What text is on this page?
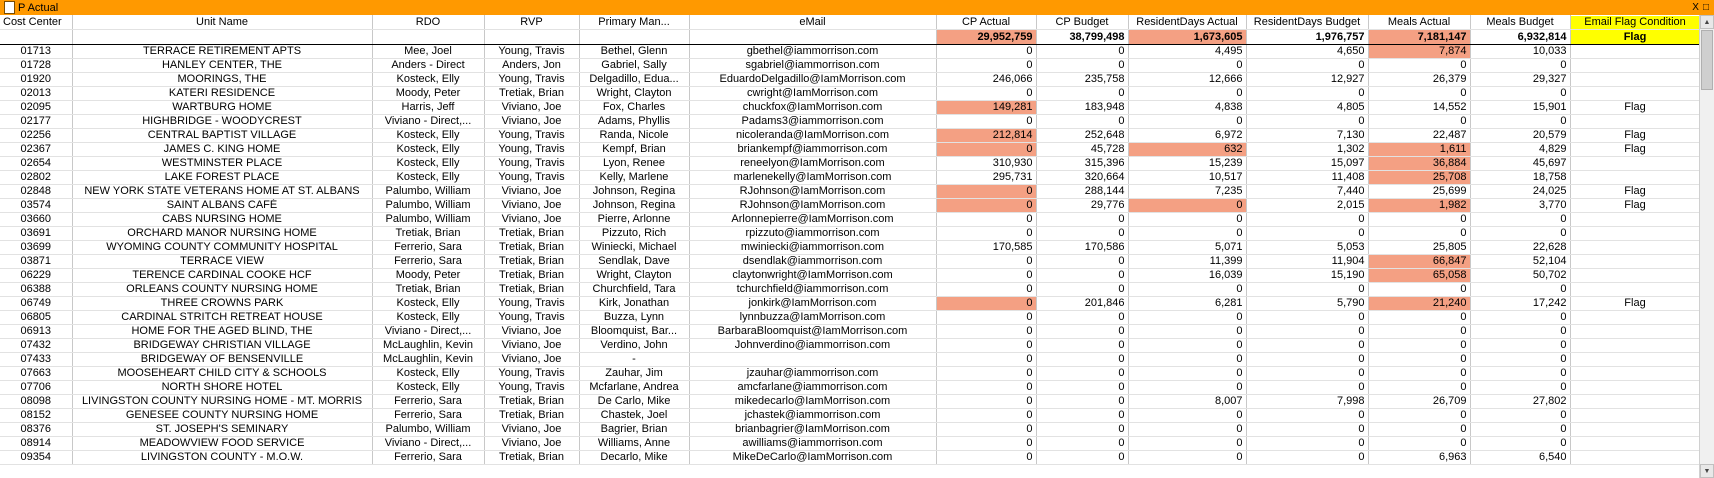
P Actual	X □
Cost Center	Unit Name	RDO	RVP	Primary Man...	eMail	CP Actual	CP Budget	ResidentDays Actual	ResidentDays Budget	Meals Actual	Meals Budget	Email Flag Condition
						29,952,759	38,799,498	1,673,605	1,976,757	7,181,147	6,932,814	Flag
01713	TERRACE RETIREMENT APTS	Mee, Joel	Young, Travis	Bethel, Glenn	gbethel@iammorrison.com	0	0	4,495	4,650	7,874	10,033	
01728	HANLEY CENTER, THE	Anders - Direct	Anders, Jon	Gabriel, Sally	sgabriel@iammorrison.com	0	0	0	0	0	0	
01920	MOORINGS, THE	Kosteck, Elly	Young, Travis	Delgadillo, Edua...	EduardoDelgadillo@IamMorrison.com	246,066	235,758	12,666	12,927	26,379	29,327	
02013	KATERI RESIDENCE	Moody, Peter	Tretiak, Brian	Wright, Clayton	cwright@IamMorrison.com	0	0	0	0	0	0	
02095	WARTBURG HOME	Harris, Jeff	Viviano, Joe	Fox, Charles	chuckfox@IamMorrison.com	149,281	183,948	4,838	4,805	14,552	15,901	Flag
02177	HIGHBRIDGE - WOODYCREST	Viviano - Direct,...	Viviano, Joe	Adams, Phyllis	Padams3@iammorrison.com	0	0	0	0	0	0	
02256	CENTRAL BAPTIST VILLAGE	Kosteck, Elly	Young, Travis	Randa, Nicole	nicoleranda@IamMorrison.com	212,814	252,648	6,972	7,130	22,487	20,579	Flag
02367	JAMES C. KING HOME	Kosteck, Elly	Young, Travis	Kempf, Brian	briankempf@iammorrison.com	0	45,728	632	1,302	1,611	4,829	Flag
02654	WESTMINSTER PLACE	Kosteck, Elly	Young, Travis	Lyon, Renee	reneelyon@IamMorrison.com	310,930	315,396	15,239	15,097	36,884	45,697	
02802	LAKE FOREST PLACE	Kosteck, Elly	Young, Travis	Kelly, Marlene	marlenekelly@IamMorrison.com	295,731	320,664	10,517	11,408	25,708	18,758	
02848	NEW YORK STATE VETERANS HOME AT ST. ALBANS	Palumbo, William	Viviano, Joe	Johnson, Regina	RJohnson@IamMorrison.com	0	288,144	7,235	7,440	25,699	24,025	Flag
03574	SAINT ALBANS CAFÉ	Palumbo, William	Viviano, Joe	Johnson, Regina	RJohnson@IamMorrison.com	0	29,776	0	2,015	1,982	3,770	Flag
03660	CABS NURSING HOME	Palumbo, William	Viviano, Joe	Pierre, Arlonne	Arlonnepierre@IamMorrison.com	0	0	0	0	0	0	
03691	ORCHARD MANOR NURSING HOME	Tretiak, Brian	Tretiak, Brian	Pizzuto, Rich	rpizzuto@iammorrison.com	0	0	0	0	0	0	
03699	WYOMING COUNTY COMMUNITY HOSPITAL	Ferrerio, Sara	Tretiak, Brian	Winiecki, Michael	mwiniecki@iammorrison.com	170,585	170,586	5,071	5,053	25,805	22,628	
03871	TERRACE VIEW	Ferrerio, Sara	Tretiak, Brian	Sendlak, Dave	dsendlak@iammorrison.com	0	0	11,399	11,904	66,847	52,104	
06229	TERENCE CARDINAL COOKE HCF	Moody, Peter	Tretiak, Brian	Wright, Clayton	claytonwright@IamMorrison.com	0	0	16,039	15,190	65,058	50,702	
06388	ORLEANS COUNTY NURSING HOME	Tretiak, Brian	Tretiak, Brian	Churchfield, Tara	tchurchfield@iammorrison.com	0	0	0	0	0	0	
06749	THREE CROWNS PARK	Kosteck, Elly	Young, Travis	Kirk, Jonathan	jonkirk@IamMorrison.com	0	201,846	6,281	5,790	21,240	17,242	Flag
06805	CARDINAL STRITCH RETREAT HOUSE	Kosteck, Elly	Young, Travis	Buzza, Lynn	lynnbuzza@IamMorrison.com	0	0	0	0	0	0	
06913	HOME FOR THE AGED BLIND, THE	Viviano - Direct,...	Viviano, Joe	Bloomquist, Bar...	BarbaraBloomquist@IamMorrison.com	0	0	0	0	0	0	
07432	BRIDGEWAY CHRISTIAN VILLAGE	McLaughlin, Kevin	Viviano, Joe	Verdino, John	Johnverdino@iammorrison.com	0	0	0	0	0	0	
07433	BRIDGEWAY OF BENSENVILLE	McLaughlin, Kevin	Viviano, Joe	-		0	0	0	0	0	0	
07663	MOOSEHEART CHILD CITY & SCHOOLS	Kosteck, Elly	Young, Travis	Zauhar, Jim	jzauhar@iammorrison.com	0	0	0	0	0	0	
07706	NORTH SHORE HOTEL	Kosteck, Elly	Young, Travis	Mcfarlane, Andrea	amcfarlane@iammorrison.com	0	0	0	0	0	0	
08098	LIVINGSTON COUNTY NURSING HOME - MT. MORRIS	Ferrerio, Sara	Tretiak, Brian	De Carlo, Mike	mikedecarlo@IamMorrison.com	0	0	8,007	7,998	26,709	27,802	
08152	GENESEE COUNTY NURSING HOME	Ferrerio, Sara	Tretiak, Brian	Chastek, Joel	jchastek@iammorrison.com	0	0	0	0	0	0	
08376	ST. JOSEPH'S SEMINARY	Palumbo, William	Viviano, Joe	Bagrier, Brian	brianbagrier@IamMorrison.com	0	0	0	0	0	0	
08914	MEADOWVIEW FOOD SERVICE	Viviano - Direct,...	Viviano, Joe	Williams, Anne	awilliams@iammorrison.com	0	0	0	0	0	0	
09354	LIVINGSTON COUNTY - M.O.W.	Ferrerio, Sara	Tretiak, Brian	Decarlo, Mike	MikeDeCarlo@IamMorrison.com	0	0	0	0	6,963	6,540	
▲
▼
